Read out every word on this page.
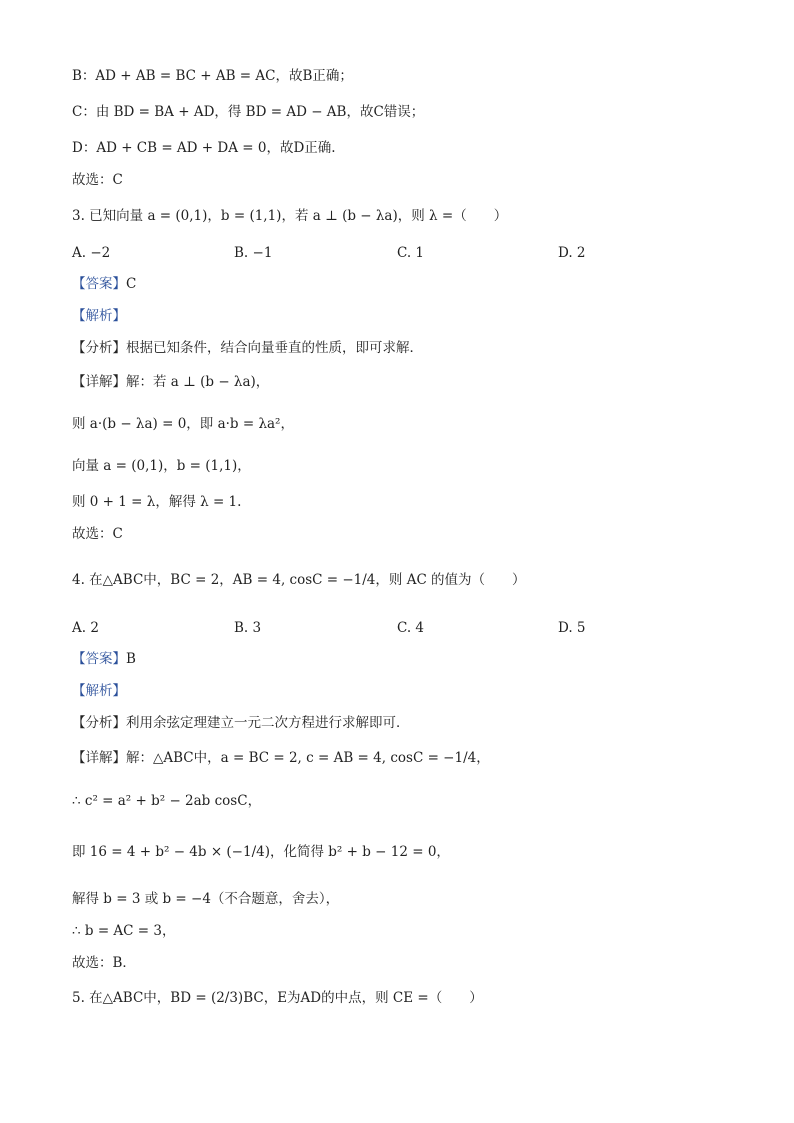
B：AD + AB = BC + AB = AC，故B正确；
C：由 BD = BA + AD，得 BD = AD − AB，故C错误；
D：AD + CB = AD + DA = 0，故D正确.
故选：C
3. 已知向量 a = (0,1)，b = (1,1)，若 a ⊥ (b − λa)，则 λ =（　　）
A. −2	B. −1	C. 1	D. 2
【答案】C
【解析】
【分析】根据已知条件，结合向量垂直的性质，即可求解．
【详解】解：若 a ⊥ (b − λa)，
则 a·(b − λa) = 0，即 a·b = λa²，
向量 a = (0,1)，b = (1,1)，
则 0 + 1 = λ，解得 λ = 1.
故选：C
4. 在△ABC中，BC = 2，AB = 4, cosC = −1/4，则 AC 的值为（　　）
A. 2	B. 3	C. 4	D. 5
【答案】B
【解析】
【分析】利用余弦定理建立一元二次方程进行求解即可．
【详解】解：△ABC中，a = BC = 2, c = AB = 4, cosC = −1/4，
∴ c² = a² + b² − 2ab cosC，
即 16 = 4 + b² − 4b × (−1/4)，化简得 b² + b − 12 = 0，
解得 b = 3 或 b = −4（不合题意，舍去），
∴ b = AC = 3，
故选：B．
5. 在△ABC中，BD = (2/3)BC，E为AD的中点，则 CE =（　　）
